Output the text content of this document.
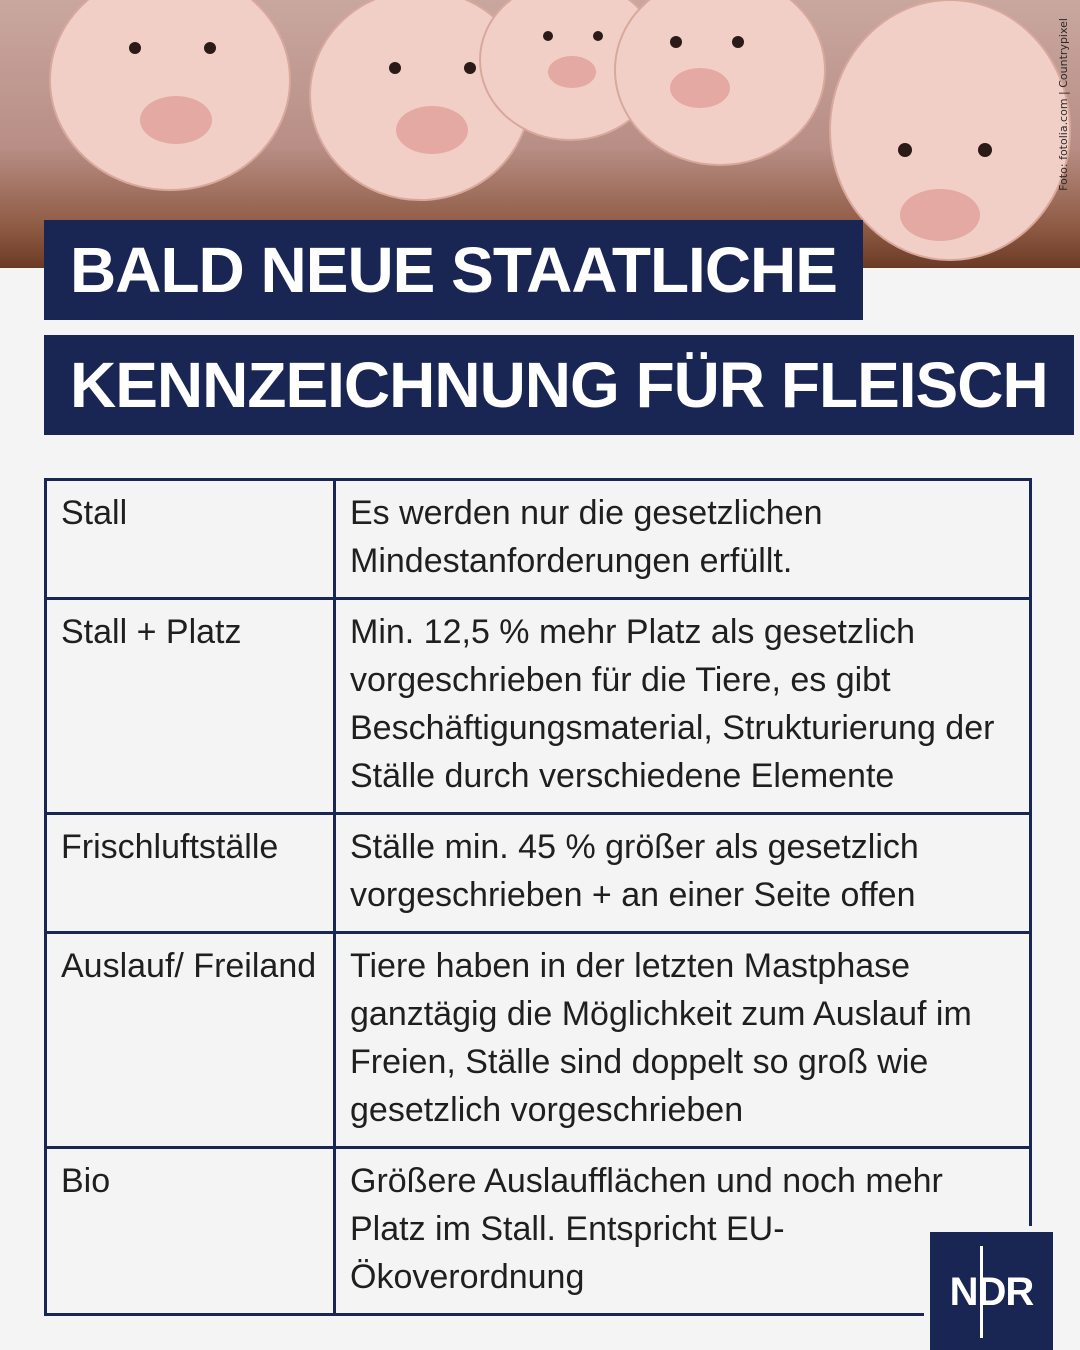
Foto: fotolia.com | Countrypixel
BALD NEUE STAATLICHE
KENNZEICHNUNG FÜR FLEISCH
Stall	Es werden nur die gesetzlichen Mindestanforderungen erfüllt.
Stall + Platz	Min. 12,5 % mehr Platz als gesetzlich vorgeschrieben für die Tiere, es gibt Beschäftigungsmaterial, Strukturierung der Ställe durch verschiedene Elemente
Frischluftställe	Ställe min. 45 % größer als gesetzlich vorgeschrieben + an einer Seite offen
Auslauf/ Freiland	Tiere haben in der letzten Mastphase ganztägig die Möglichkeit zum Auslauf im Freien, Ställe sind doppelt so groß wie gesetzlich vorgeschrieben
Bio	Größere Auslaufflächen und noch mehr Platz im Stall. Entspricht EU-Ökoverordnung	NDR
